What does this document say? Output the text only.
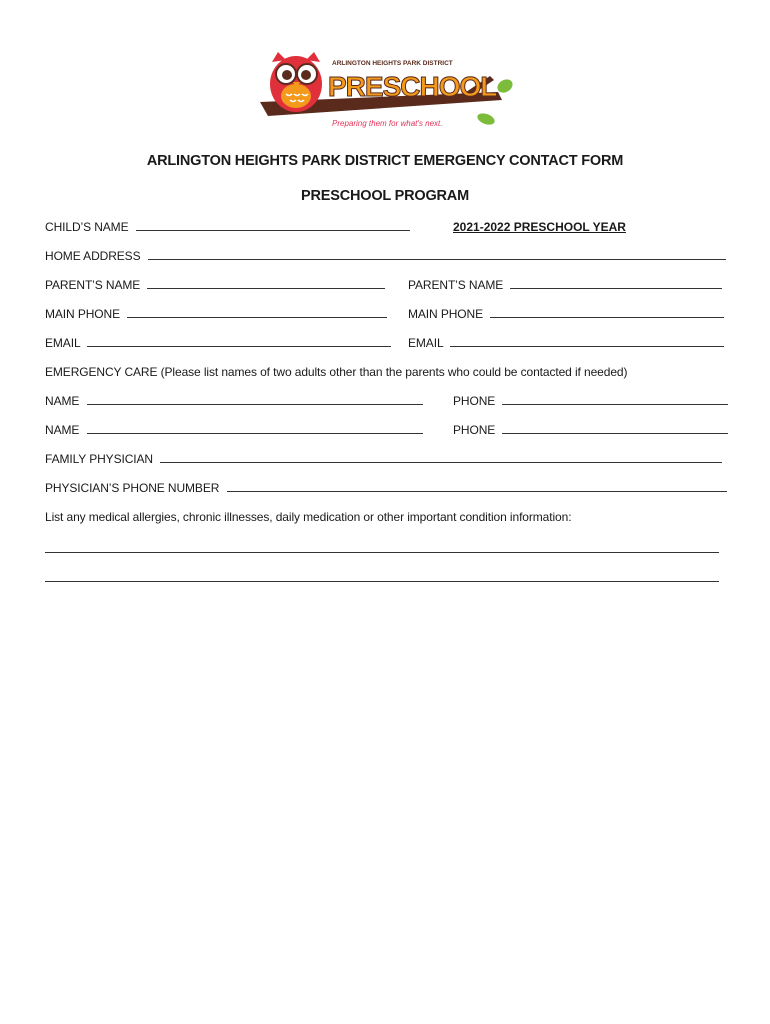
ARLINGTON HEIGHTS PARK DISTRICT
PRESCHOOL
Preparing them for what's next.
ARLINGTON HEIGHTS PARK DISTRICT EMERGENCY CONTACT FORM
PRESCHOOL PROGRAM
CHILD’S NAME	2021-2022 PRESCHOOL YEAR
HOME ADDRESS
PARENT’S NAME	PARENT’S NAME
MAIN PHONE	MAIN PHONE
EMAIL	EMAIL
EMERGENCY CARE (Please list names of two adults other than the parents who could be contacted if needed)
NAME	PHONE
NAME	PHONE
FAMILY PHYSICIAN
PHYSICIAN’S PHONE NUMBER
List any medical allergies, chronic illnesses, daily medication or other important condition information:
